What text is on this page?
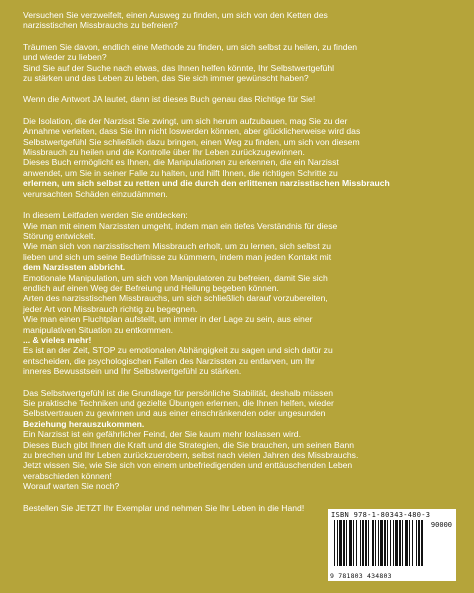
Versuchen Sie verzweifelt, einen Ausweg zu finden, um sich von den Ketten des
narzisstischen Missbrauchs zu befreien?
Träumen Sie davon, endlich eine Methode zu finden, um sich selbst zu heilen, zu finden
und wieder zu lieben?
Sind Sie auf der Suche nach etwas, das Ihnen helfen könnte, Ihr Selbstwertgefühl
zu stärken und das Leben zu leben, das Sie sich immer gewünscht haben?
Wenn die Antwort JA lautet, dann ist dieses Buch genau das Richtige für Sie!
Die Isolation, die der Narzisst Sie zwingt, um sich herum aufzubauen, mag Sie zu der
Annahme verleiten, dass Sie ihn nicht loswerden können, aber glücklicherweise wird das
Selbstwertgefühl Sie schließlich dazu bringen, einen Weg zu finden, um sich von diesem
Missbrauch zu heilen und die Kontrolle über Ihr Leben zurückzugewinnen.
Dieses Buch ermöglicht es Ihnen, die Manipulationen zu erkennen, die ein Narzisst
anwendet, um Sie in seiner Falle zu halten, und hilft Ihnen, die richtigen Schritte zu
erlernen, um sich selbst zu retten und die durch den erlittenen narzisstischen Missbrauch
verursachten Schäden einzudämmen.
In diesem Leitfaden werden Sie entdecken:
Wie man mit einem Narzissten umgeht, indem man ein tiefes Verständnis für diese
Störung entwickelt.
Wie man sich von narzisstischem Missbrauch erholt, um zu lernen, sich selbst zu
lieben und sich um seine Bedürfnisse zu kümmern, indem man jeden Kontakt mit
dem Narzissten abbricht.
Emotionale Manipulation, um sich von Manipulatoren zu befreien, damit Sie sich
endlich auf einen Weg der Befreiung und Heilung begeben können.
Arten des narzisstischen Missbrauchs, um sich schließlich darauf vorzubereiten,
jeder Art von Missbrauch richtig zu begegnen.
Wie man einen Fluchtplan aufstellt, um immer in der Lage zu sein, aus einer
manipulativen Situation zu entkommen.
... & vieles mehr!
Es ist an der Zeit, STOP zu emotionalen Abhängigkeit zu sagen und sich dafür zu
entscheiden, die psychologischen Fallen des Narzissten zu entlarven, um Ihr
inneres Bewusstsein und Ihr Selbstwertgefühl zu stärken.
Das Selbstwertgefühl ist die Grundlage für persönliche Stabilität, deshalb müssen
Sie praktische Techniken und gezielte Übungen erlernen, die Ihnen helfen, wieder
Selbstvertrauen zu gewinnen und aus einer einschränkenden oder ungesunden
Beziehung herauszukommen.
Ein Narzisst ist ein gefährlicher Feind, der Sie kaum mehr loslassen wird.
Dieses Buch gibt Ihnen die Kraft und die Strategien, die Sie brauchen, um seinen Bann
zu brechen und Ihr Leben zurückzuerobern, selbst nach vielen Jahren des Missbrauchs.
Jetzt wissen Sie, wie Sie sich von einem unbefriedigenden und enttäuschenden Leben
verabschieden können!
Worauf warten Sie noch?
Bestellen Sie JETZT Ihr Exemplar und nehmen Sie Ihr Leben in die Hand!
ISBN 978-1-80343-480-3
90000
9 781803 434803
